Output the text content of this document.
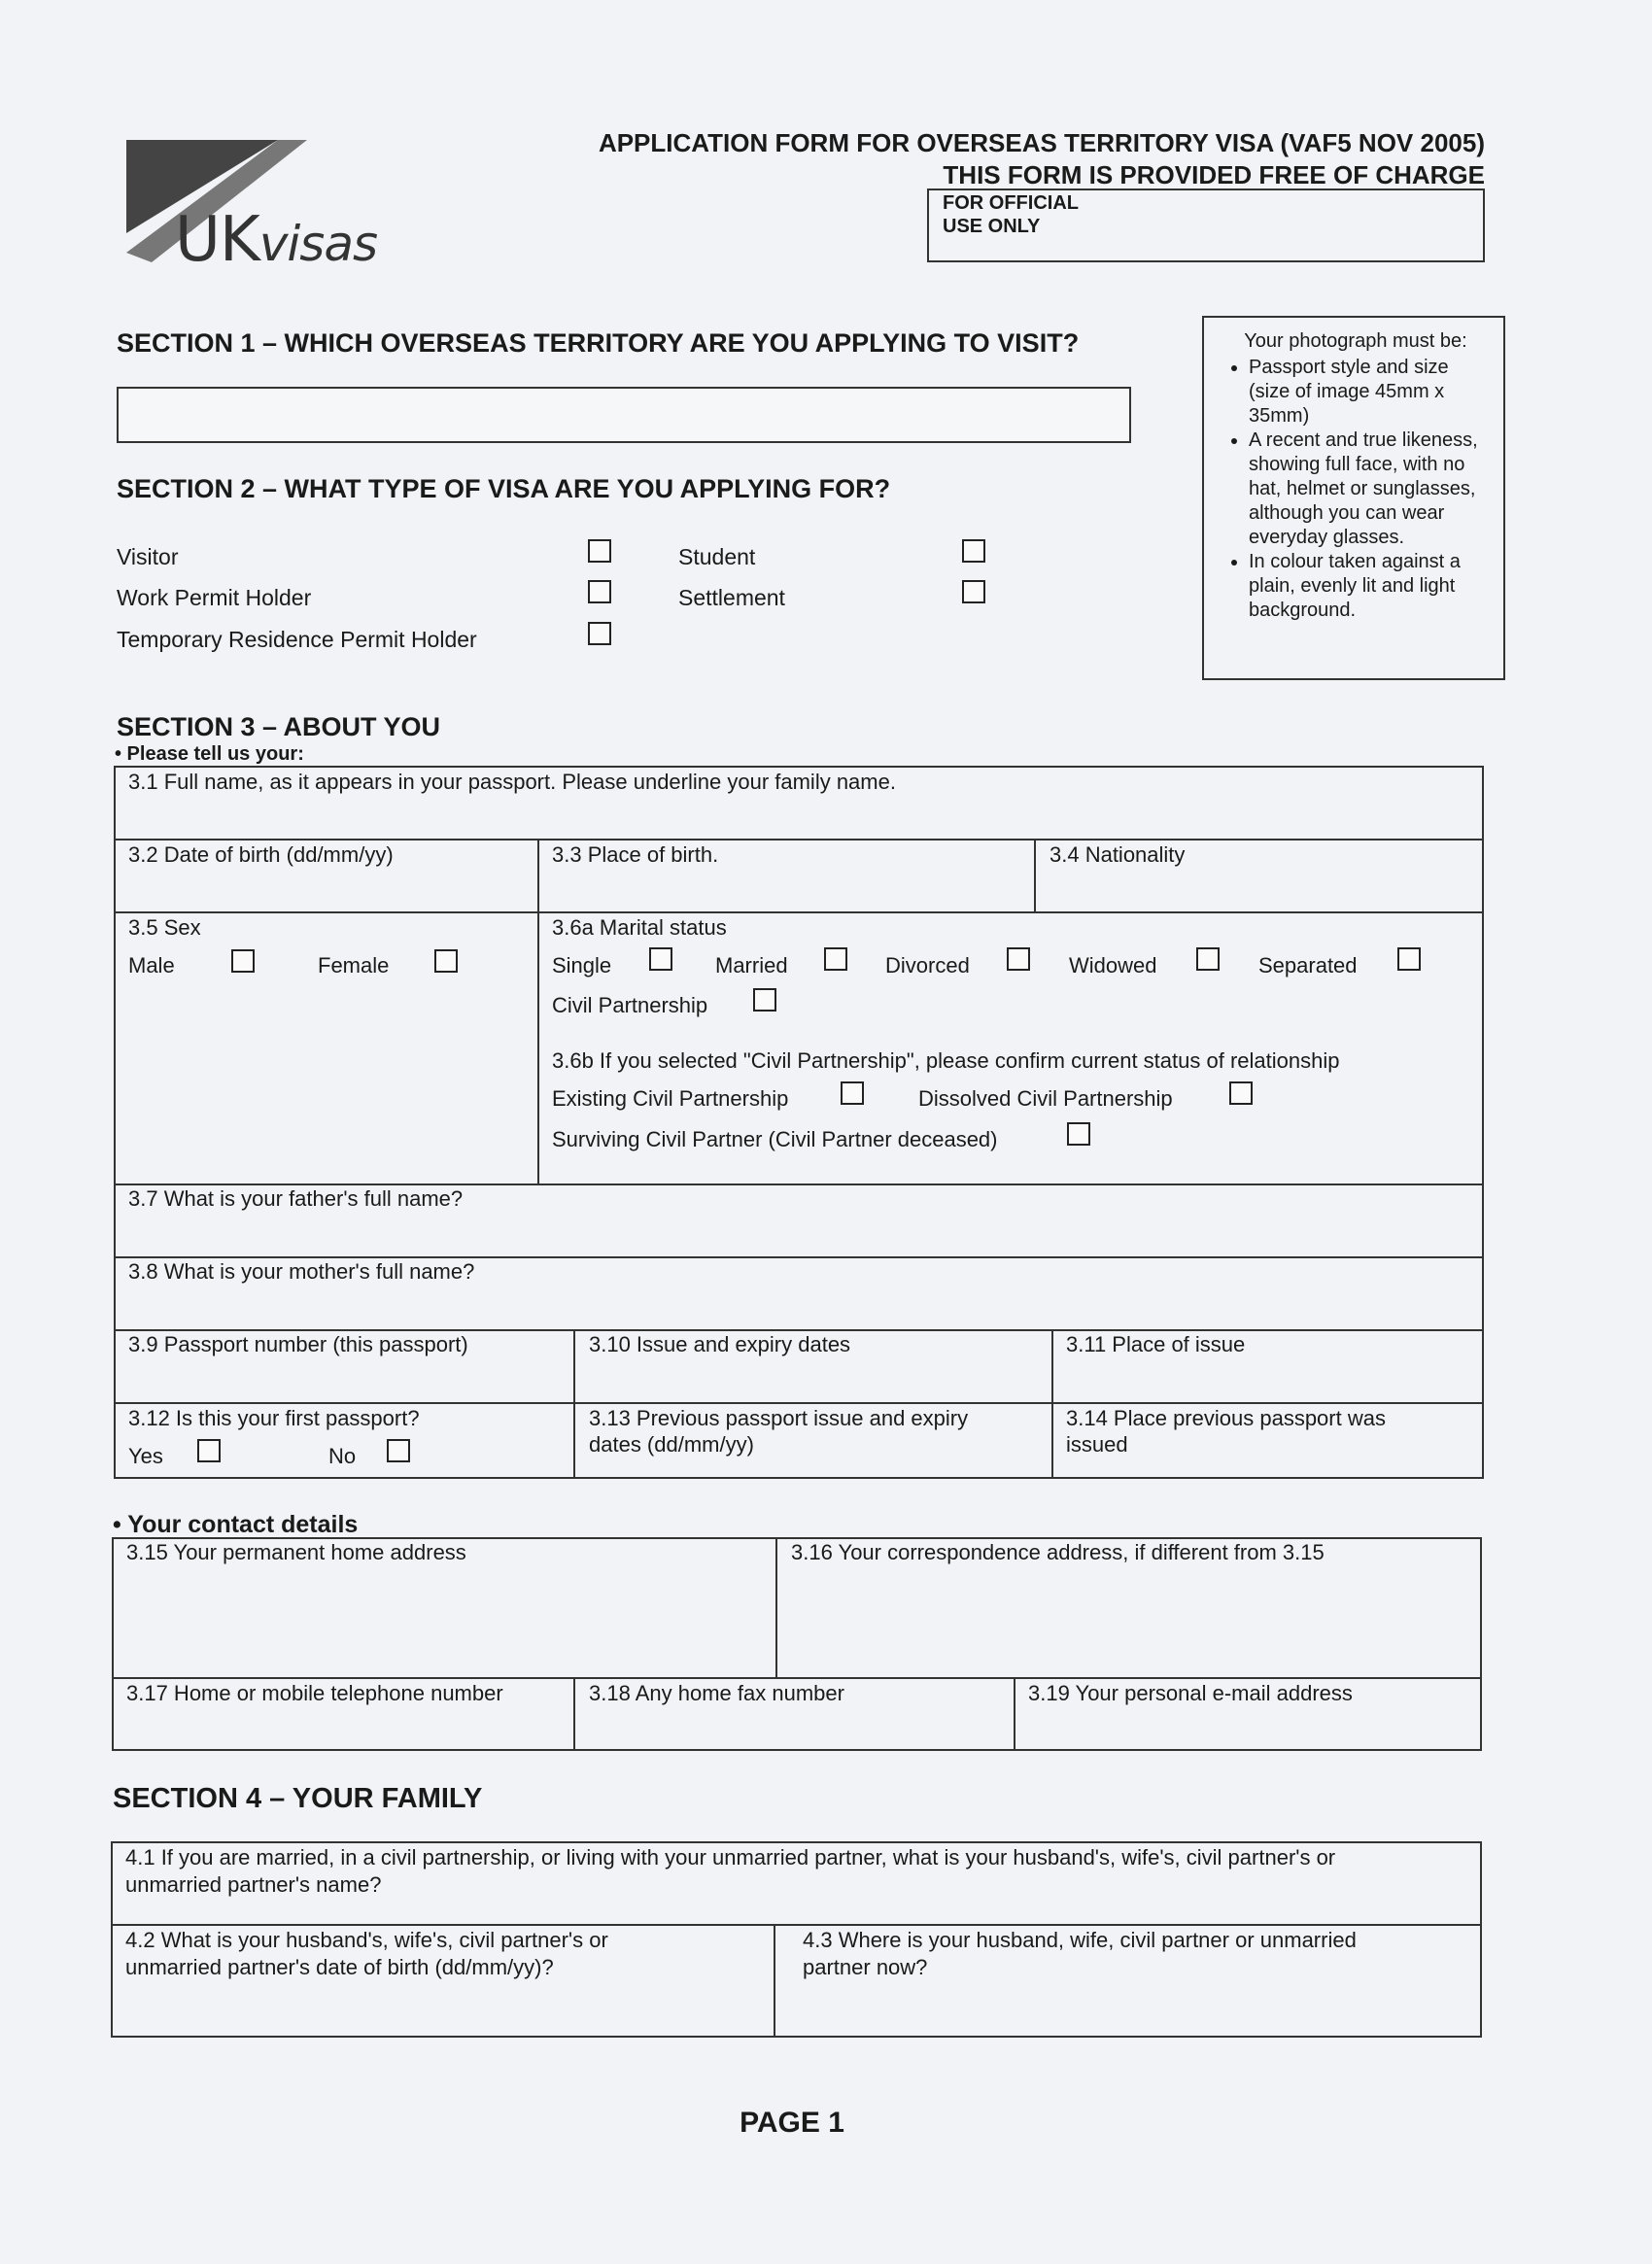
UKvisas
APPLICATION FORM FOR OVERSEAS TERRITORY VISA (VAF5 NOV 2005)
THIS FORM IS PROVIDED FREE OF CHARGE
FOR OFFICIAL
USE ONLY
Your photograph must be:
• Passport style and size (size of image 45mm x 35mm)
• A recent and true likeness, showing full face, with no hat, helmet or sunglasses, although you can wear everyday glasses.
• In colour taken against a plain, evenly lit and light background.
SECTION 1 – WHICH OVERSEAS TERRITORY ARE YOU APPLYING TO VISIT?
SECTION 2 – WHAT TYPE OF VISA ARE YOU APPLYING FOR?
Visitor
Work Permit Holder
Temporary Residence Permit Holder
Student
Settlement
SECTION 3 – ABOUT YOU
• Please tell us your:
3.1 Full name, as it appears in your passport. Please underline your family name.
3.2 Date of birth (dd/mm/yy)	3.3 Place of birth.	3.4 Nationality
3.5 Sex
Male	Female
3.6a Marital status
Single	Married	Divorced	Widowed	Separated
Civil Partnership
3.6b If you selected "Civil Partnership", please confirm current status of relationship
Existing Civil Partnership	Dissolved Civil Partnership
Surviving Civil Partner (Civil Partner deceased)
3.7 What is your father's full name?
3.8 What is your mother's full name?
3.9 Passport number (this passport)	3.10 Issue and expiry dates	3.11 Place of issue
3.12 Is this your first passport?
Yes	No
3.13 Previous passport issue and expiry
dates (dd/mm/yy)
3.14 Place previous passport was
issued
• Your contact details
3.15 Your permanent home address	3.16 Your correspondence address, if different from 3.15
3.17 Home or mobile telephone number	3.18 Any home fax number	3.19 Your personal e-mail address
SECTION 4 – YOUR FAMILY
4.1 If you are married, in a civil partnership, or living with your unmarried partner, what is your husband's, wife's, civil partner's or
unmarried partner's name?
4.2 What is your husband's, wife's, civil partner's or
unmarried partner's date of birth (dd/mm/yy)?
4.3 Where is your husband, wife, civil partner or unmarried
partner now?
PAGE 1
